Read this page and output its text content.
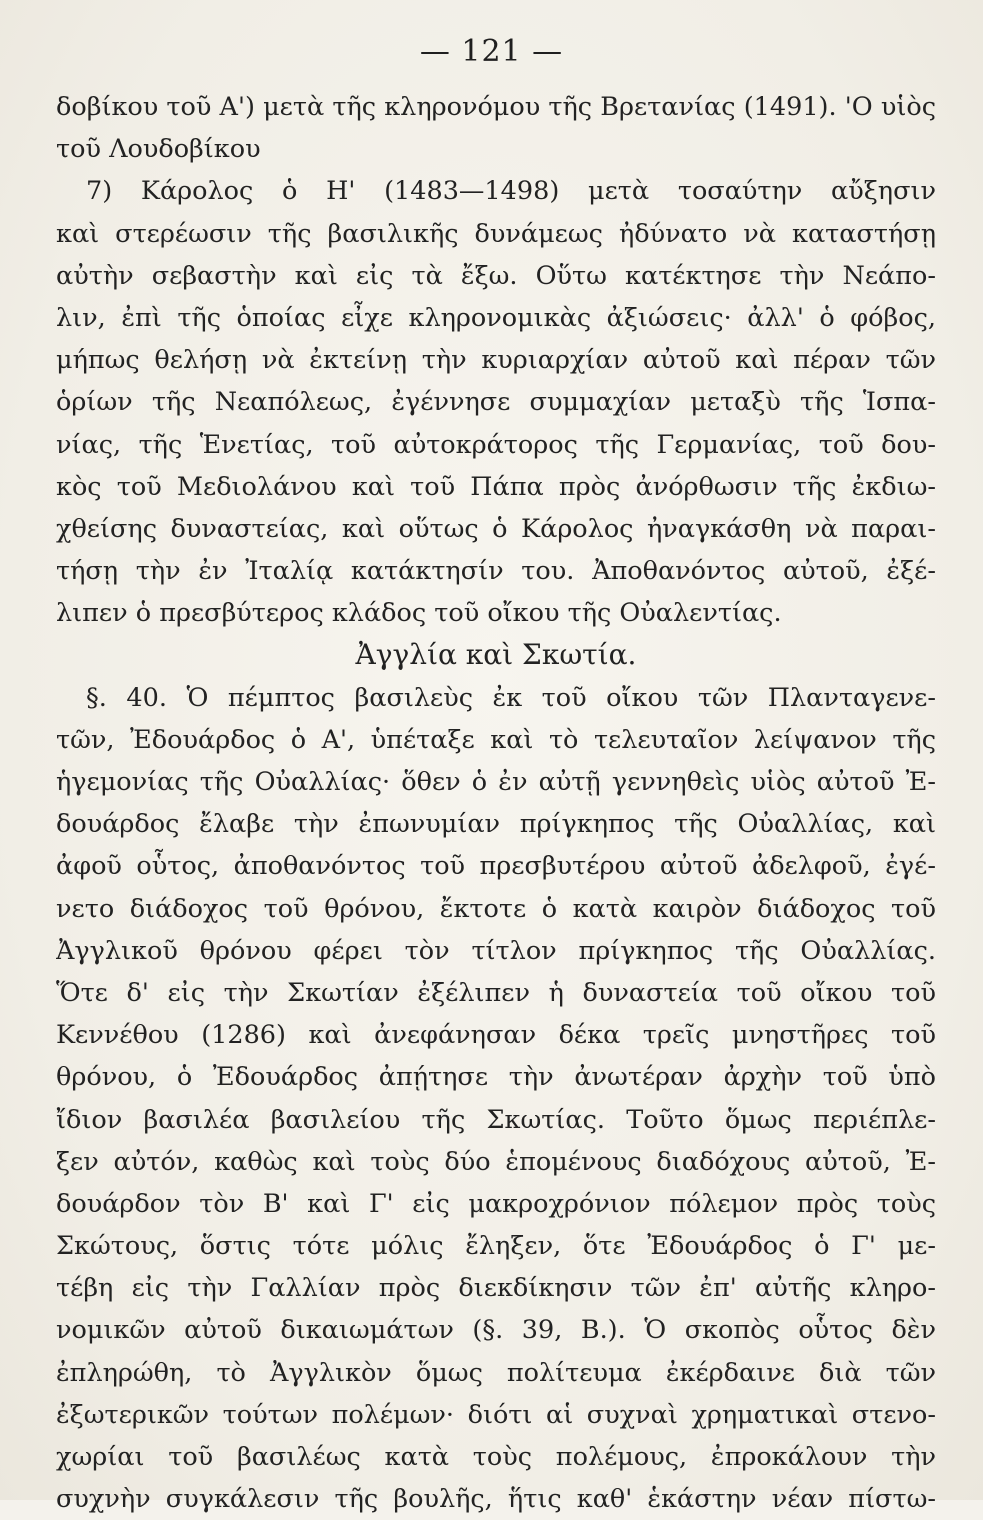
— 121 —
δοβίκου τοῦ Α') μετὰ τῆς κληρονόμου τῆς Βρετανίας (1491). 'Ο υἱὸς
τοῦ Λουδοβίκου
7) Κάρολος ὁ Η' (1483—1498) μετὰ τοσαύτην αὔξησιν
καὶ στερέωσιν τῆς βασιλικῆς δυνάμεως ἠδύνατο νὰ καταστήσῃ
αὐτὴν σεβαστὴν καὶ εἰς τὰ ἔξω. Οὕτω κατέκτησε τὴν Νεάπο-
λιν, ἐπὶ τῆς ὁποίας εἶχε κληρονομικὰς ἀξιώσεις· ἀλλ' ὁ φόβος,
μήπως θελήσῃ νὰ ἐκτείνῃ τὴν κυριαρχίαν αὐτοῦ καὶ πέραν τῶν
ὁρίων τῆς Νεαπόλεως, ἐγέννησε συμμαχίαν μεταξὺ τῆς Ἱσπα-
νίας, τῆς Ἑνετίας, τοῦ αὐτοκράτορος τῆς Γερμανίας, τοῦ δου-
κὸς τοῦ Μεδιολάνου καὶ τοῦ Πάπα πρὸς ἀνόρθωσιν τῆς ἐκδιω-
χθείσης δυναστείας, καὶ οὕτως ὁ Κάρολος ἠναγκάσθη νὰ παραι-
τήσῃ τὴν ἐν Ἰταλίᾳ κατάκτησίν του. Ἀποθανόντος αὐτοῦ, ἐξέ-
λιπεν ὁ πρεσβύτερος κλάδος τοῦ οἴκου τῆς Οὐαλεντίας.
Ἀγγλία καὶ Σκωτία.
§. 40. Ὁ πέμπτος βασιλεὺς ἐκ τοῦ οἴκου τῶν Πλανταγενε-
τῶν, Ἐδουάρδος ὁ Α', ὑπέταξε καὶ τὸ τελευταῖον λείψανον τῆς
ἡγεμονίας τῆς Οὐαλλίας· ὅθεν ὁ ἐν αὐτῇ γεννηθεὶς υἱὸς αὐτοῦ Ἐ-
δουάρδος ἔλαβε τὴν ἐπωνυμίαν πρίγκηπος τῆς Οὐαλλίας, καὶ
ἀφοῦ οὗτος, ἀποθανόντος τοῦ πρεσβυτέρου αὐτοῦ ἀδελφοῦ, ἐγέ-
νετο διάδοχος τοῦ θρόνου, ἔκτοτε ὁ κατὰ καιρὸν διάδοχος τοῦ
Ἀγγλικοῦ θρόνου φέρει τὸν τίτλον πρίγκηπος τῆς Οὐαλλίας.
Ὅτε δ' εἰς τὴν Σκωτίαν ἐξέλιπεν ἡ δυναστεία τοῦ οἴκου τοῦ
Κεννέθου (1286) καὶ ἀνεφάνησαν δέκα τρεῖς μνηστῆρες τοῦ
θρόνου, ὁ Ἐδουάρδος ἀπῄτησε τὴν ἀνωτέραν ἀρχὴν τοῦ ὑπὸ
ἴδιον βασιλέα βασιλείου τῆς Σκωτίας. Τοῦτο ὅμως περιέπλε-
ξεν αὐτόν, καθὼς καὶ τοὺς δύο ἑπομένους διαδόχους αὐτοῦ, Ἐ-
δουάρδον τὸν Β' καὶ Γ' εἰς μακροχρόνιον πόλεμον πρὸς τοὺς
Σκώτους, ὅστις τότε μόλις ἔληξεν, ὅτε Ἐδουάρδος ὁ Γ' με-
τέβη εἰς τὴν Γαλλίαν πρὸς διεκδίκησιν τῶν ἐπ' αὐτῆς κληρο-
νομικῶν αὐτοῦ δικαιωμάτων (§. 39, Β.). Ὁ σκοπὸς οὗτος δὲν
ἐπληρώθη, τὸ Ἀγγλικὸν ὅμως πολίτευμα ἐκέρδαινε διὰ τῶν
ἐξωτερικῶν τούτων πολέμων· διότι αἱ συχναὶ χρηματικαὶ στενο-
χωρίαι τοῦ βασιλέως κατὰ τοὺς πολέμους, ἐπροκάλουν τὴν
συχνὴν συγκάλεσιν τῆς βουλῆς, ἥτις καθ' ἑκάστην νέαν πίστω-
